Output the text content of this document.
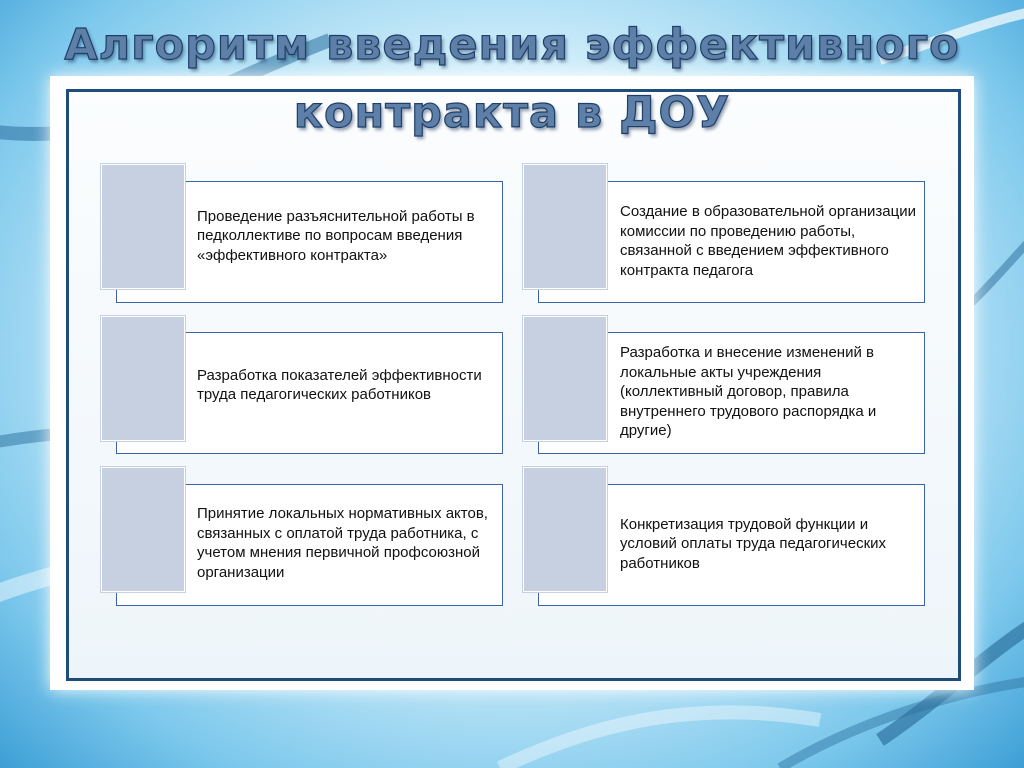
Алгоритм введения эффективного
контракта в ДОУ
Проведение разъяснительной работы в педколлективе по вопросам введения «эффективного контракта»
Создание в образовательной организации комиссии по проведению работы, связанной с введением эффективного контракта педагога
Разработка показателей эффективности труда педагогических работников
Разработка и внесение изменений в локальные акты учреждения (коллективный договор, правила внутреннего трудового распорядка и другие)
Принятие локальных нормативных актов, связанных с оплатой труда работника, с учетом мнения первичной профсоюзной организации
Конкретизация трудовой функции и условий оплаты труда педагогических работников
